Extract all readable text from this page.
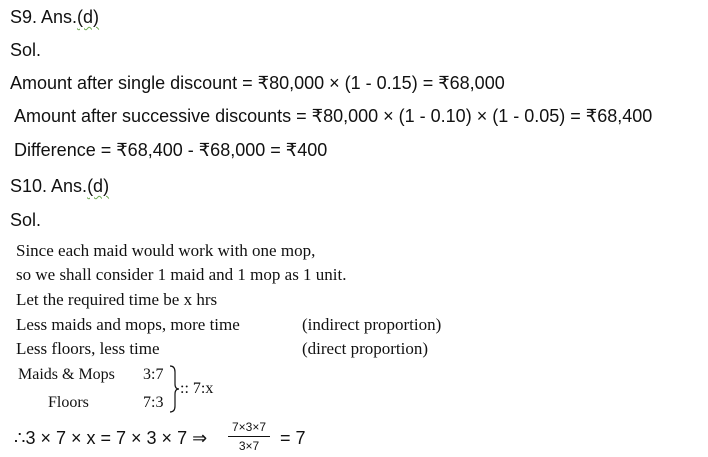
S9. Ans.(d)
Sol.
Amount after single discount = ₹80,000 × (1 - 0.15) = ₹68,000
Amount after successive discounts = ₹80,000 × (1 - 0.10) × (1 - 0.05) = ₹68,400
Difference = ₹68,400 - ₹68,000 = ₹400
S10. Ans.(d)
Sol.
Since each maid would work with one mop,
so we shall consider 1 maid and 1 mop as 1 unit.
Let the required time be x hrs
Less maids and mops, more time	(indirect proportion)
Less floors, less time	(direct proportion)
Maids & Mops 3:7
Floors	7:3
:: 7:x
∴3 × 7 × x = 7 × 3 × 7 ⇒ $\frac{7\times 3\times 7}{3\times 7} = 7$
